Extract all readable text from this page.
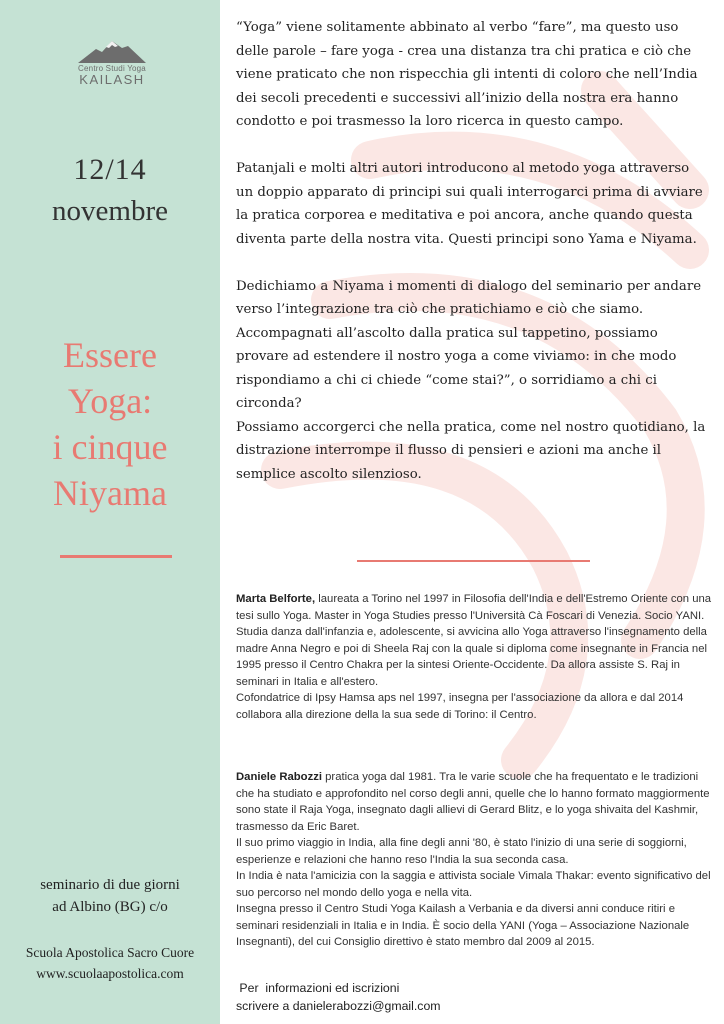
Centro Studi Yoga
KAILASH
12/14
novembre
Essere
Yoga:
i cinque
Niyama
seminario di due giorni
ad Albino (BG) c/o
Scuola Apostolica Sacro Cuore
www.scuolaapostolica.com

“Yoga” viene solitamente abbinato al verbo “fare”, ma questo uso delle parole – fare yoga - crea una distanza tra chi pratica e ciò che viene praticato che non rispecchia gli intenti di coloro che nell’India dei secoli precedenti e successivi all’inizio della nostra era hanno condotto e poi trasmesso la loro ricerca in questo campo.

Patanjali e molti altri autori introducono al metodo yoga attraverso un doppio apparato di principi sui quali interrogarci prima di avviare la pratica corporea e meditativa e poi ancora, anche quando questa diventa parte della nostra vita. Questi principi sono Yama e Niyama.

Dedichiamo a Niyama i momenti di dialogo del seminario per andare verso l’integrazione tra ciò che pratichiamo e ciò che siamo. Accompagnati all’ascolto dalla pratica sul tappetino, possiamo provare ad estendere il nostro yoga a come viviamo: in che modo rispondiamo a chi ci chiede “come stai?”, o sorridiamo a chi ci circonda?

Possiamo accorgerci che nella pratica, come nel nostro quotidiano, la distrazione interrompe il flusso di pensieri e azioni ma anche il semplice ascolto silenzioso.

Marta Belforte, laureata a Torino nel 1997 in Filosofia dell'India e dell'Estremo Oriente con una tesi sullo Yoga. Master in Yoga Studies presso l'Università Cà Foscari di Venezia. Socio YANI.

Studia danza dall'infanzia e, adolescente, si avvicina allo Yoga attraverso l'insegnamento della madre Anna Negro e poi di Sheela Raj con la quale si diploma come insegnante in Francia nel 1995 presso il Centro Chakra per la sintesi Oriente-Occidente. Da allora assiste S. Raj in seminari in Italia e all'estero.

Cofondatrice di Ipsy Hamsa aps nel 1997, insegna per l'associazione da allora e dal 2014 collabora alla direzione della la sua sede di Torino: il Centro.

Daniele Rabozzi pratica yoga dal 1981. Tra le varie scuole che ha frequentato e le tradizioni che ha studiato e approfondito nel corso degli anni, quelle che lo hanno formato maggiormente sono state il Raja Yoga, insegnato dagli allievi di Gerard Blitz, e lo yoga shivaita del Kashmir, trasmesso da Eric Baret.

Il suo primo viaggio in India, alla fine degli anni '80, è stato l'inizio di una serie di soggiorni, esperienze e relazioni che hanno reso l'India la sua seconda casa.

In India è nata l'amicizia con la saggia e attivista sociale Vimala Thakar: evento significativo del suo percorso nel mondo dello yoga e nella vita.

Insegna presso il Centro Studi Yoga Kailash a Verbania e da diversi anni conduce ritiri e seminari residenziali in Italia e in India. È socio della YANI (Yoga – Associazione Nazionale Insegnanti), del cui Consiglio direttivo è stato membro dal 2009 al 2015.

Per  informazioni ed iscrizioni

scrivere a danielerabozzi@gmail.com
